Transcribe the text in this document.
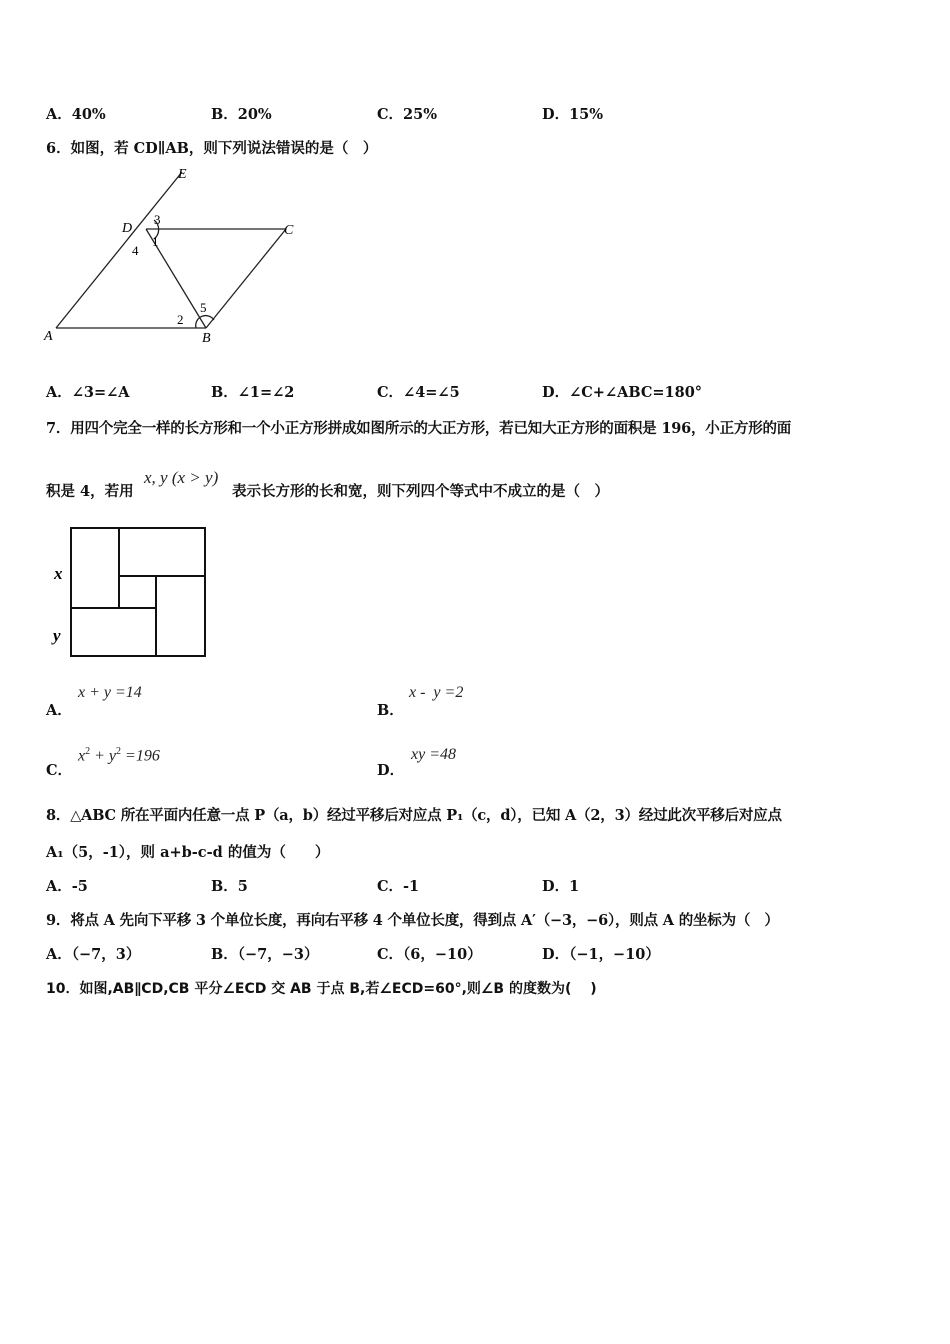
A．40%	B．20%	C．25%	D．15%
6．如图，若 CD∥AB，则下列说法错误的是（　）
E
D	C
A	B
3
1
4
2
5
A．∠3=∠A	B．∠1=∠2	C．∠4=∠5	D．∠C+∠ABC=180°
7．用四个完全一样的长方形和一个小正方形拼成如图所示的大正方形，若已知大正方形的面积是 196，小正方形的面
积是 4，若用
x, y (x > y)
表示长方形的长和宽，则下列四个等式中不成立的是（　）
x
y
A．
x + y =14
B．
x -  y =2
C．
$x^2 + y^2 =196$
D．
xy =48
8．△ABC 所在平面内任意一点 P（a，b）经过平移后对应点 P₁（c，d），已知 A（2，3）经过此次平移后对应点
A₁（5，-1），则 a+b-c-d 的值为（　　）
A．-5	B．5	C．-1	D．1
9．将点 A 先向下平移 3 个单位长度，再向右平移 4 个单位长度，得到点 A′（−3，−6），则点 A 的坐标为（　）
A．（−7，3）	B．（−7，−3）	C．（6，−10）	D．（−1，−10）
10．如图,AB∥CD,CB 平分∠ECD 交 AB 于点 B,若∠ECD=60°,则∠B 的度数为(　 )
